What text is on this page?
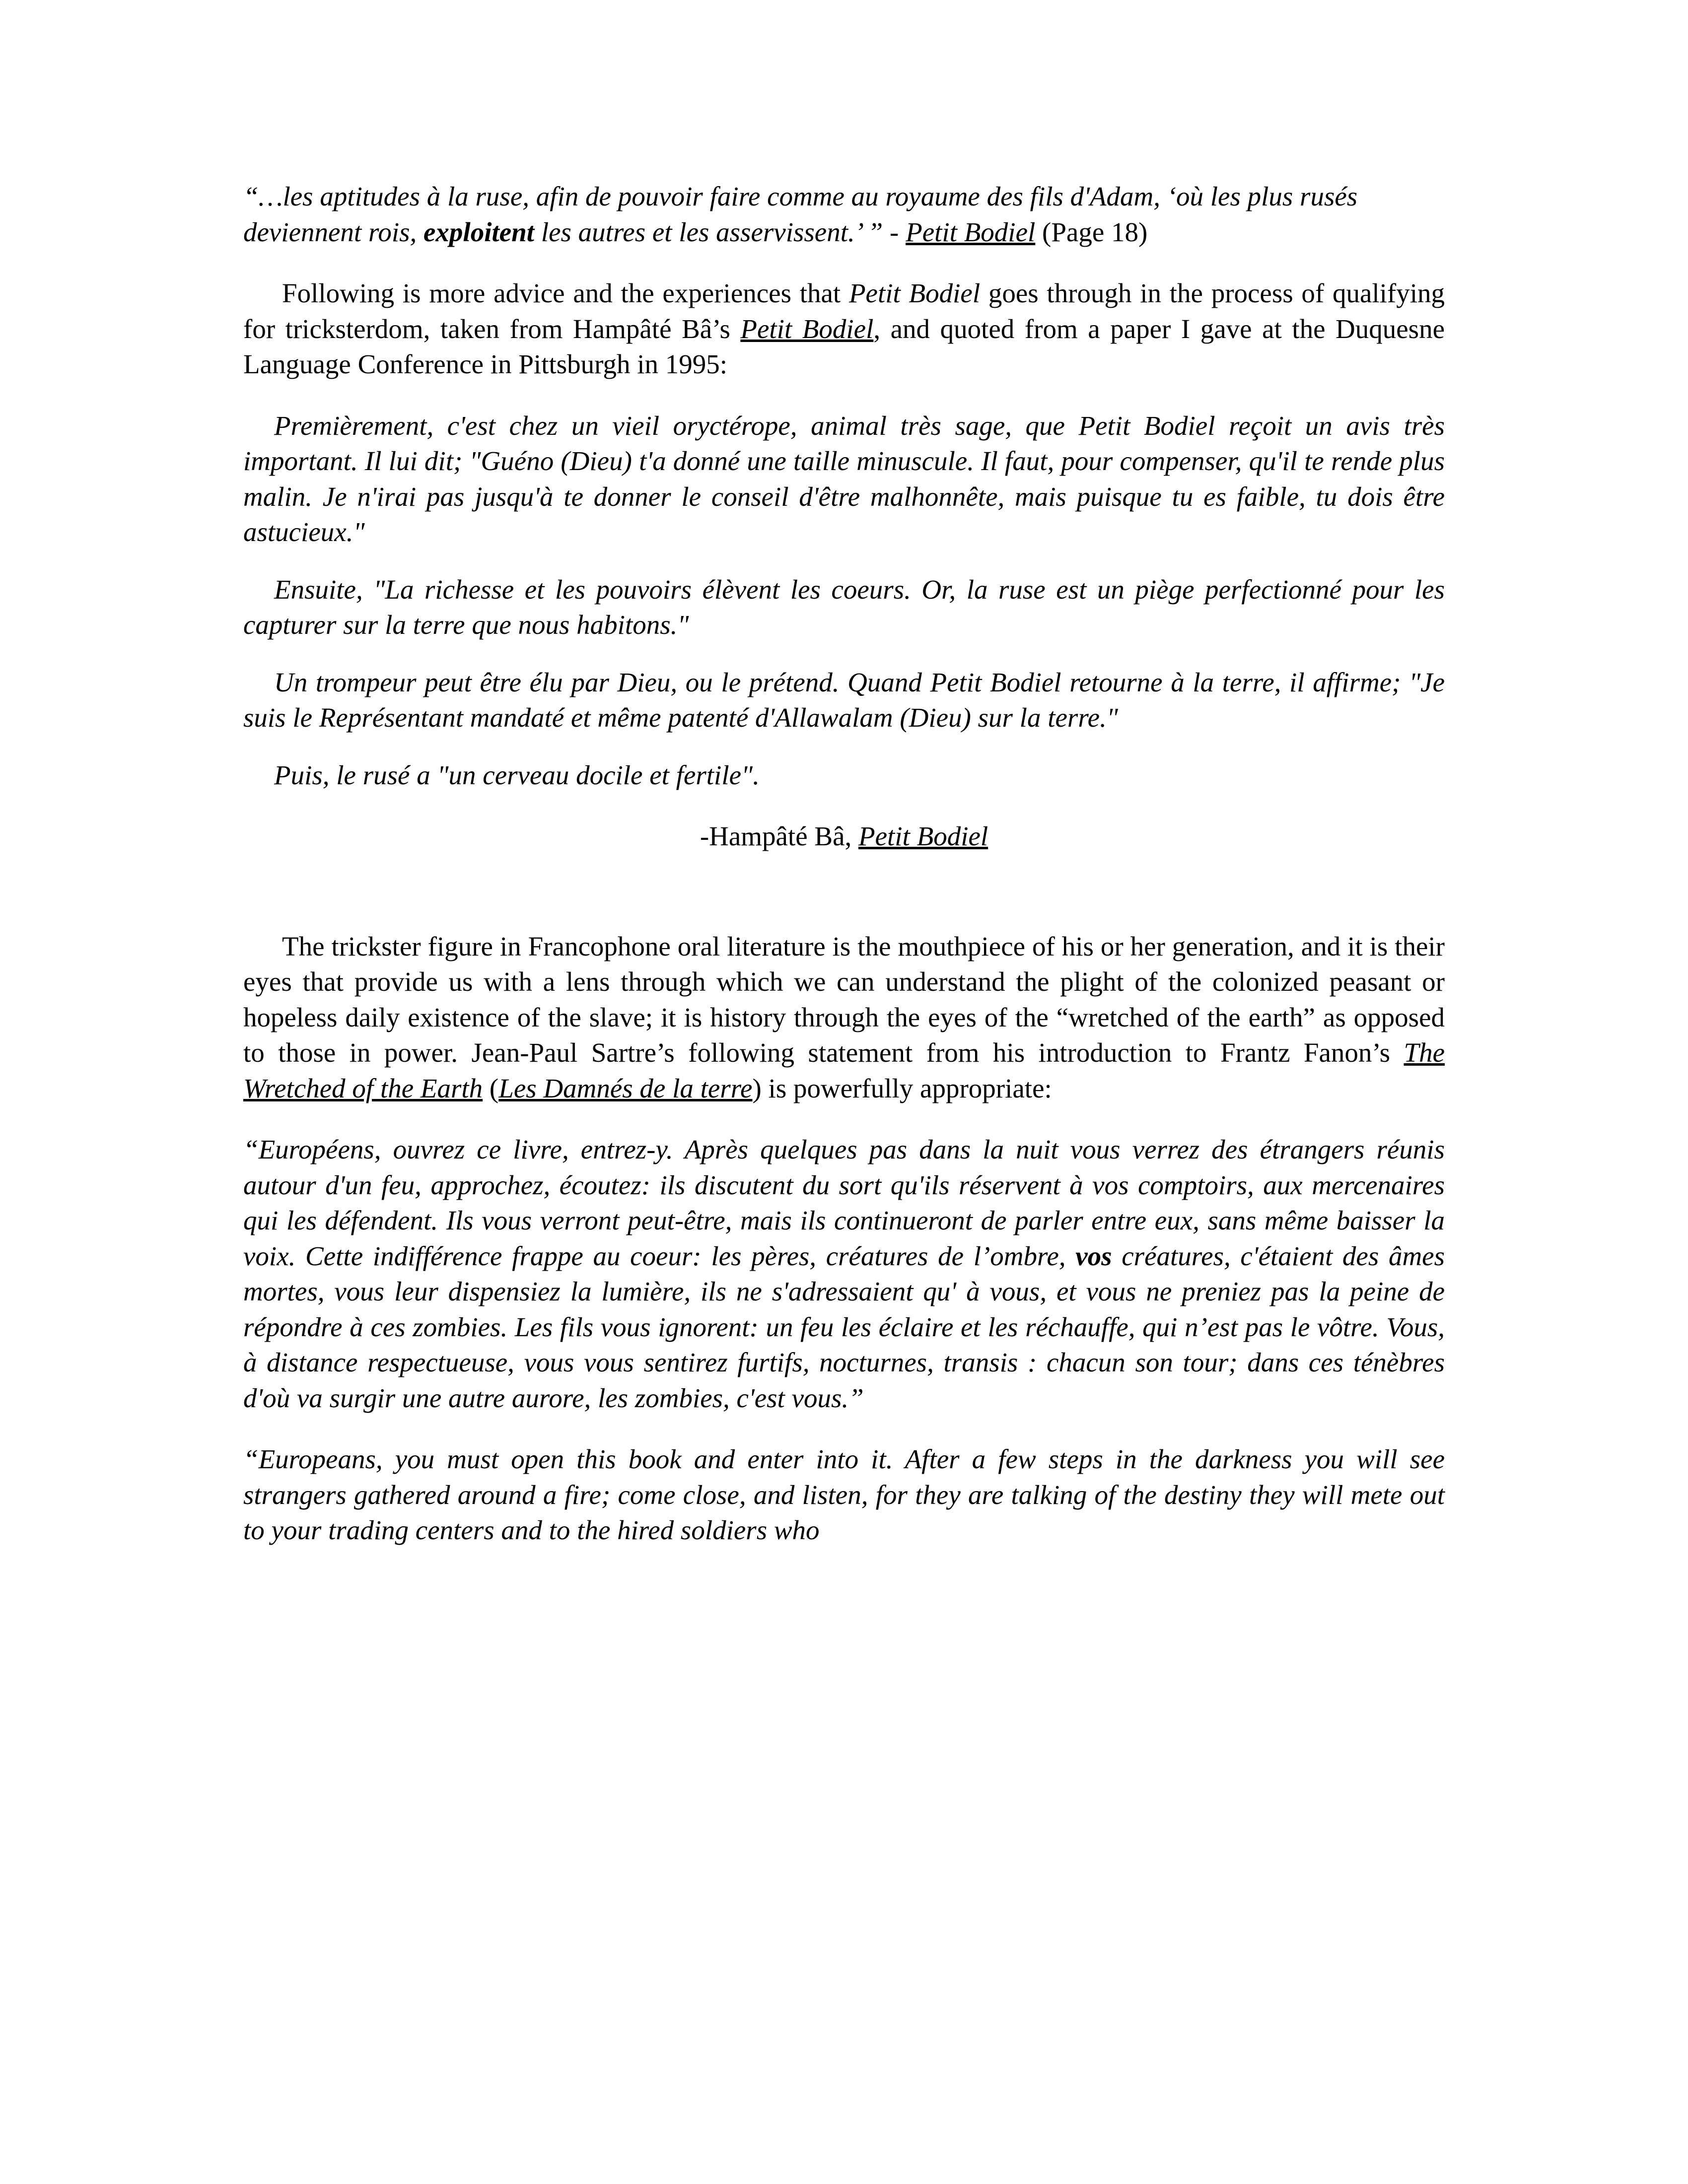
“…les aptitudes à la ruse, afin de pouvoir faire comme au royaume des fils d'Adam, ‘où les plus rusés deviennent rois, exploitent les autres et les asservissent.’ ” - Petit Bodiel (Page 18)

Following is more advice and the experiences that Petit Bodiel goes through in the process of qualifying for tricksterdom, taken from Hampâté Bâ’s Petit Bodiel, and quoted from a paper I gave at the Duquesne Language Conference in Pittsburgh in 1995:

Premièrement, c'est chez un vieil oryctérope, animal très sage, que Petit Bodiel reçoit un avis très important. Il lui dit; "Guéno (Dieu) t'a donné une taille minuscule. Il faut, pour compenser, qu'il te rende plus malin. Je n'irai pas jusqu'à te donner le conseil d'être malhonnête, mais puisque tu es faible, tu dois être astucieux."

Ensuite, "La richesse et les pouvoirs élèvent les coeurs. Or, la ruse est un piège perfectionné pour les capturer sur la terre que nous habitons."

Un trompeur peut être élu par Dieu, ou le prétend. Quand Petit Bodiel retourne à la terre, il affirme; "Je suis le Représentant mandaté et même patenté d'Allawalam (Dieu) sur la terre."

Puis, le rusé a "un cerveau docile et fertile".

-Hampâté Bâ, Petit Bodiel

The trickster figure in Francophone oral literature is the mouthpiece of his or her generation, and it is their eyes that provide us with a lens through which we can understand the plight of the colonized peasant or hopeless daily existence of the slave; it is history through the eyes of the “wretched of the earth” as opposed to those in power. Jean-Paul Sartre’s following statement from his introduction to Frantz Fanon’s The Wretched of the Earth (Les Damnés de la terre) is powerfully appropriate:

“Européens, ouvrez ce livre, entrez-y. Après quelques pas dans la nuit vous verrez des étrangers réunis autour d'un feu, approchez, écoutez: ils discutent du sort qu'ils réservent à vos comptoirs, aux mercenaires qui les défendent. Ils vous verront peut-être, mais ils continueront de parler entre eux, sans même baisser la voix. Cette indifférence frappe au coeur: les pères, créatures de l’ombre, vos créatures, c'étaient des âmes mortes, vous leur dispensiez la lumière, ils ne s'adressaient qu' à vous, et vous ne preniez pas la peine de répondre à ces zombies. Les fils vous ignorent: un feu les éclaire et les réchauffe, qui n’est pas le vôtre. Vous, à distance respectueuse, vous vous sentirez furtifs, nocturnes, transis : chacun son tour; dans ces ténèbres d'où va surgir une autre aurore, les zombies, c'est vous.”

“Europeans, you must open this book and enter into it. After a few steps in the darkness you will see strangers gathered around a fire; come close, and listen, for they are talking of the destiny they will mete out to your trading centers and to the hired soldiers who
